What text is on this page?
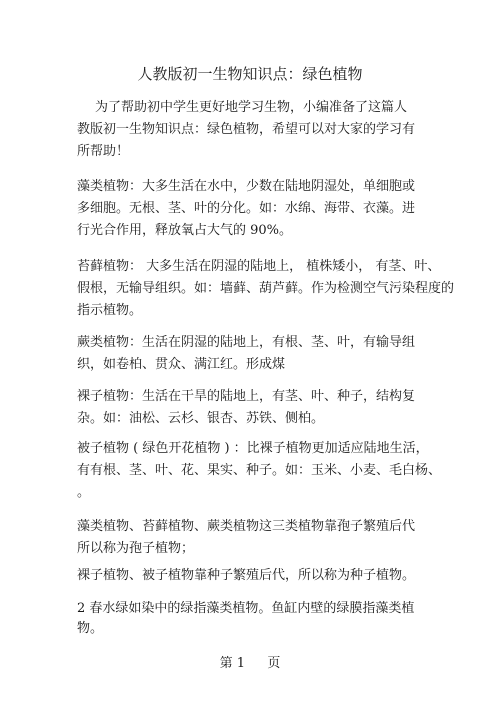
人教版初一生物知识点：绿色植物
为了帮助初中学生更好地学习生物，小编准备了这篇人
教版初一生物知识点：绿色植物，希望可以对大家的学习有
所帮助！
藻类植物：大多生活在水中，少数在陆地阴湿处，单细胞或
多细胞。无根、茎、叶的分化。如：水绵、海带、衣藻。进
行光合作用，释放氧占大气的 90%。
苔藓植物： 大多生活在阴湿的陆地上， 植株矮小， 有茎、叶、
假根，无输导组织。如：墙藓、葫芦藓。作为检测空气污染程度的
指示植物。
蕨类植物：生活在阴湿的陆地上，有根、茎、叶，有输导组
织，如卷柏、贯众、满江红。形成煤
裸子植物：生活在干旱的陆地上，有茎、叶、种子，结构复
杂。如：油松、云杉、银杏、苏铁、侧柏。
被子植物 ( 绿色开花植物 ) ：比裸子植物更加适应陆地生活，
有有根、茎、叶、花、果实、种子。如：玉米、小麦、毛白杨、
。
藻类植物、苔藓植物、蕨类植物这三类植物靠孢子繁殖后代
所以称为孢子植物；
裸子植物、被子植物靠种子繁殖后代，所以称为种子植物。
2 春水绿如染中的绿指藻类植物。鱼缸内壁的绿膜指藻类植
物。
第 1 页
